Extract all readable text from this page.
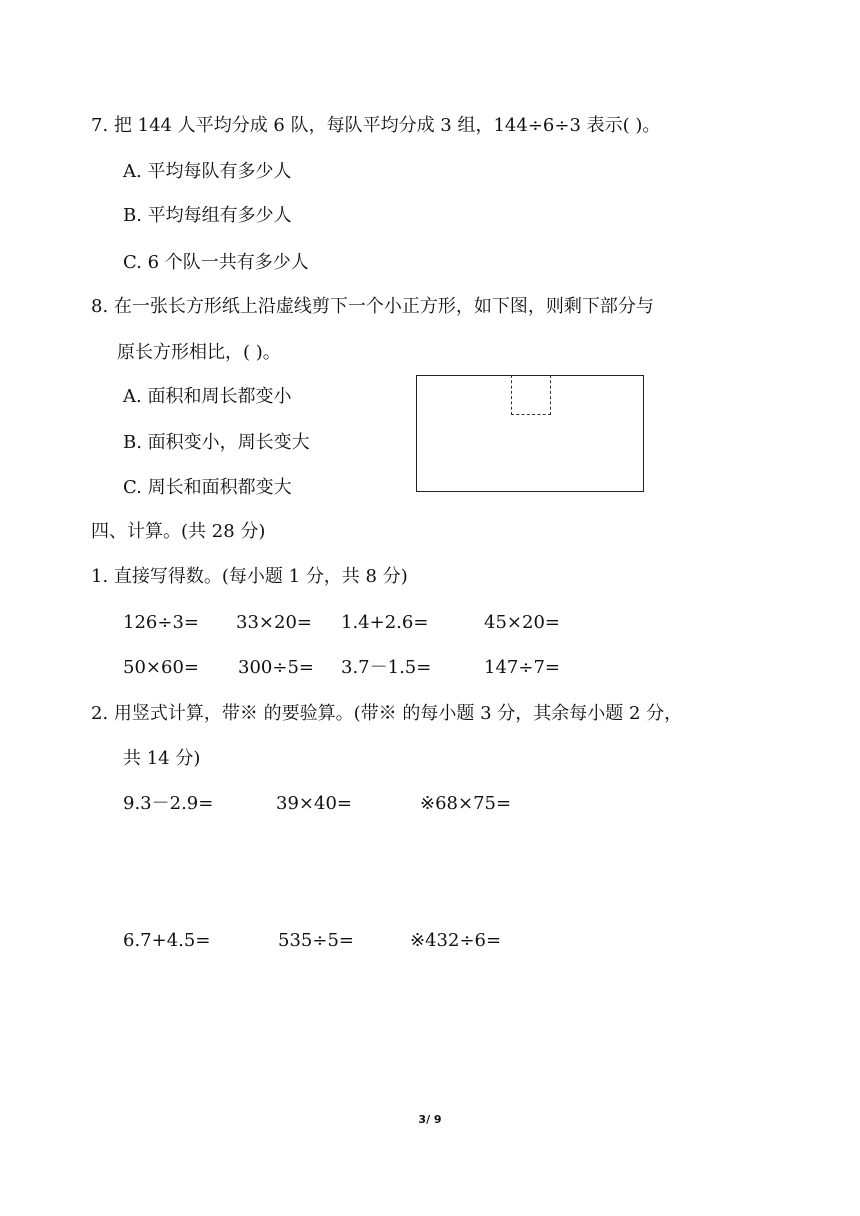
7. 把 144 人平均分成 6 队，每队平均分成 3 组，144÷6÷3 表示( )。
A. 平均每队有多少人
B. 平均每组有多少人
C. 6 个队一共有多少人
8. 在一张长方形纸上沿虚线剪下一个小正方形，如下图，则剩下部分与
原长方形相比，( )。
A. 面积和周长都变小
B. 面积变小，周长变大
C. 周长和面积都变大
四、计算。(共 28 分)
1. 直接写得数。(每小题 1 分，共 8 分)
126÷3= 33×20= 1.4+2.6=	45×20=
50×60= 300÷5= 3.7－1.5=	147÷7=
2. 用竖式计算，带※ 的要验算。(带※ 的每小题 3 分，其余每小题 2 分，
共 14 分)
9.3－2.9=	39×40=	※68×75=
6.7+4.5=	535÷5=	※432÷6=
3/ 9
